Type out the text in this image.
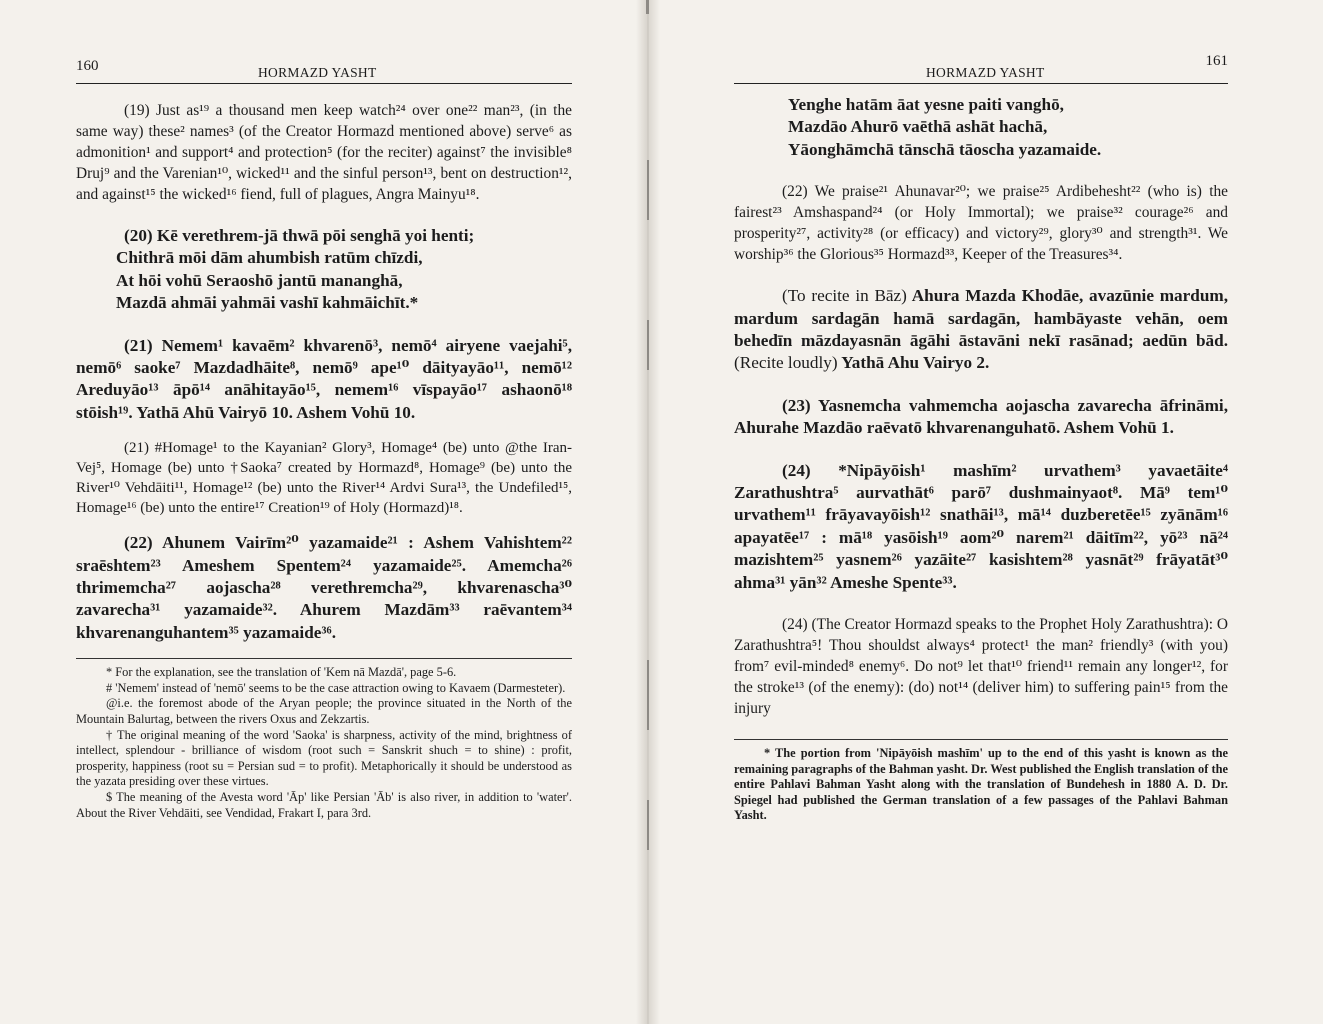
160	HORMAZD YASHT

(19) Just as¹⁹ a thousand men keep watch²⁴ over one²² man²³, (in the same way) these² names³ (of the Creator Hormazd mentioned above) serve⁶ as admonition¹ and support⁴ and protection⁵ (for the reciter) against⁷ the invisible⁸ Druj⁹ and the Varenian¹⁰, wicked¹¹ and the sinful person¹³, bent on destruction¹², and against¹⁵ the wicked¹⁶ fiend, full of plagues, Angra Mainyu¹⁸.

(20) Kē verethrem-jā thwā pōi senghā yoi henti;

Chithrā mōi dām ahumbish ratūm chīzdi,

At hōi vohū Seraoshō jantū mananghā,

Mazdā ahmāi yahmāi vashī kahmāichīt.*

(21) Nemem¹ kavaēm² khvarenō³, nemō⁴ airyene vaejahi⁵, nemō⁶ saoke⁷ Mazdadhāite⁸, nemō⁹ ape¹⁰ dāityayāo¹¹, nemō¹² Areduyāo¹³ āpō¹⁴ anāhitayāo¹⁵, nemem¹⁶ vīspayāo¹⁷ ashaonō¹⁸ stōish¹⁹. Yathā Ahū Vairyō 10. Ashem Vohū 10.

(21) #Homage¹ to the Kayanian² Glory³, Homage⁴ (be) unto @the Iran-Vej⁵, Homage (be) unto †Saoka⁷ created by Hormazd⁸, Homage⁹ (be) unto the River¹⁰ Vehdāiti¹¹, Homage¹² (be) unto the River¹⁴ Ardvi Sura¹³, the Undefiled¹⁵, Homage¹⁶ (be) unto the entire¹⁷ Creation¹⁹ of Holy (Hormazd)¹⁸.

(22) Ahunem Vairīm²⁰ yazamaide²¹ : Ashem Vahishtem²² sraēshtem²³ Ameshem Spentem²⁴ yazamaide²⁵. Amemcha²⁶ thrimemcha²⁷ aojascha²⁸ verethremcha²⁹, khvarenascha³⁰ zavarecha³¹ yazamaide³². Ahurem Mazdām³³ raēvantem³⁴ khvarenanguhantem³⁵ yazamaide³⁶.

* For the explanation, see the translation of 'Kem nā Mazdā', page 5-6.

# 'Nemem' instead of 'nemō' seems to be the case attraction owing to Kavaem (Darmesteter).

@i.e. the foremost abode of the Aryan people; the province situated in the North of the Mountain Balurtag, between the rivers Oxus and Zekzartis.

† The original meaning of the word 'Saoka' is sharpness, activity of the mind, brightness of intellect, splendour - brilliance of wisdom (root such = Sanskrit shuch = to shine) : profit, prosperity, happiness (root su = Persian sud = to profit). Metaphorically it should be understood as the yazata presiding over these virtues.

$ The meaning of the Avesta word 'Āp' like Persian 'Āb' is also river, in addition to 'water'. About the River Vehdāiti, see Vendidad, Frakart I, para 3rd.

161
HORMAZD YASHT

Yenghe hatām āat yesne paiti vanghō,

Mazdāo Ahurō vaēthā ashāt hachā,

Yāonghāmchā tānschā tāoscha yazamaide.

(22) We praise²¹ Ahunavar²⁰; we praise²⁵ Ardibehesht²² (who is) the fairest²³ Amshaspand²⁴ (or Holy Immortal); we praise³² courage²⁶ and prosperity²⁷, activity²⁸ (or efficacy) and victory²⁹, glory³⁰ and strength³¹. We worship³⁶ the Glorious³⁵ Hormazd³³, Keeper of the Treasures³⁴.

(To recite in Bāz) Ahura Mazda Khodāe, avazūnie mardum, mardum sardagān hamā sardagān, hambāyaste vehān, oem behedīn māzdayasnān āgāhi āstavāni nekī rasānad; aedūn bād. (Recite loudly) Yathā Ahu Vairyo 2.

(23) Yasnemcha vahmemcha aojascha zavarecha āfrināmi, Ahurahe Mazdāo raēvatō khvarenanguhatō. Ashem Vohū 1.

(24) *Nipāyōish¹ mashīm² urvathem³ yavaetāite⁴ Zarathushtra⁵ aurvathāt⁶ parō⁷ dushmainyaot⁸. Mā⁹ tem¹⁰ urvathem¹¹ frāyavayōish¹² snathāi¹³, mā¹⁴ duzberetēe¹⁵ zyānām¹⁶ apayatēe¹⁷ : mā¹⁸ yasōish¹⁹ aom²⁰ narem²¹ dāitīm²², yō²³ nā²⁴ mazishtem²⁵ yasnem²⁶ yazāite²⁷ kasishtem²⁸ yasnāt²⁹ frāyatāt³⁰ ahma³¹ yān³² Ameshe Spente³³.

(24) (The Creator Hormazd speaks to the Prophet Holy Zarathushtra): O Zarathushtra⁵! Thou shouldst always⁴ protect¹ the man² friendly³ (with you) from⁷ evil-minded⁸ enemy⁶. Do not⁹ let that¹⁰ friend¹¹ remain any longer¹², for the stroke¹³ (of the enemy): (do) not¹⁴ (deliver him) to suffering pain¹⁵ from the injury

* The portion from 'Nipāyōish mashīm' up to the end of this yasht is known as the remaining paragraphs of the Bahman yasht. Dr. West published the English translation of the entire Pahlavi Bahman Yasht along with the translation of Bundehesh in 1880 A. D. Dr. Spiegel had published the German translation of a few passages of the Pahlavi Bahman Yasht.
